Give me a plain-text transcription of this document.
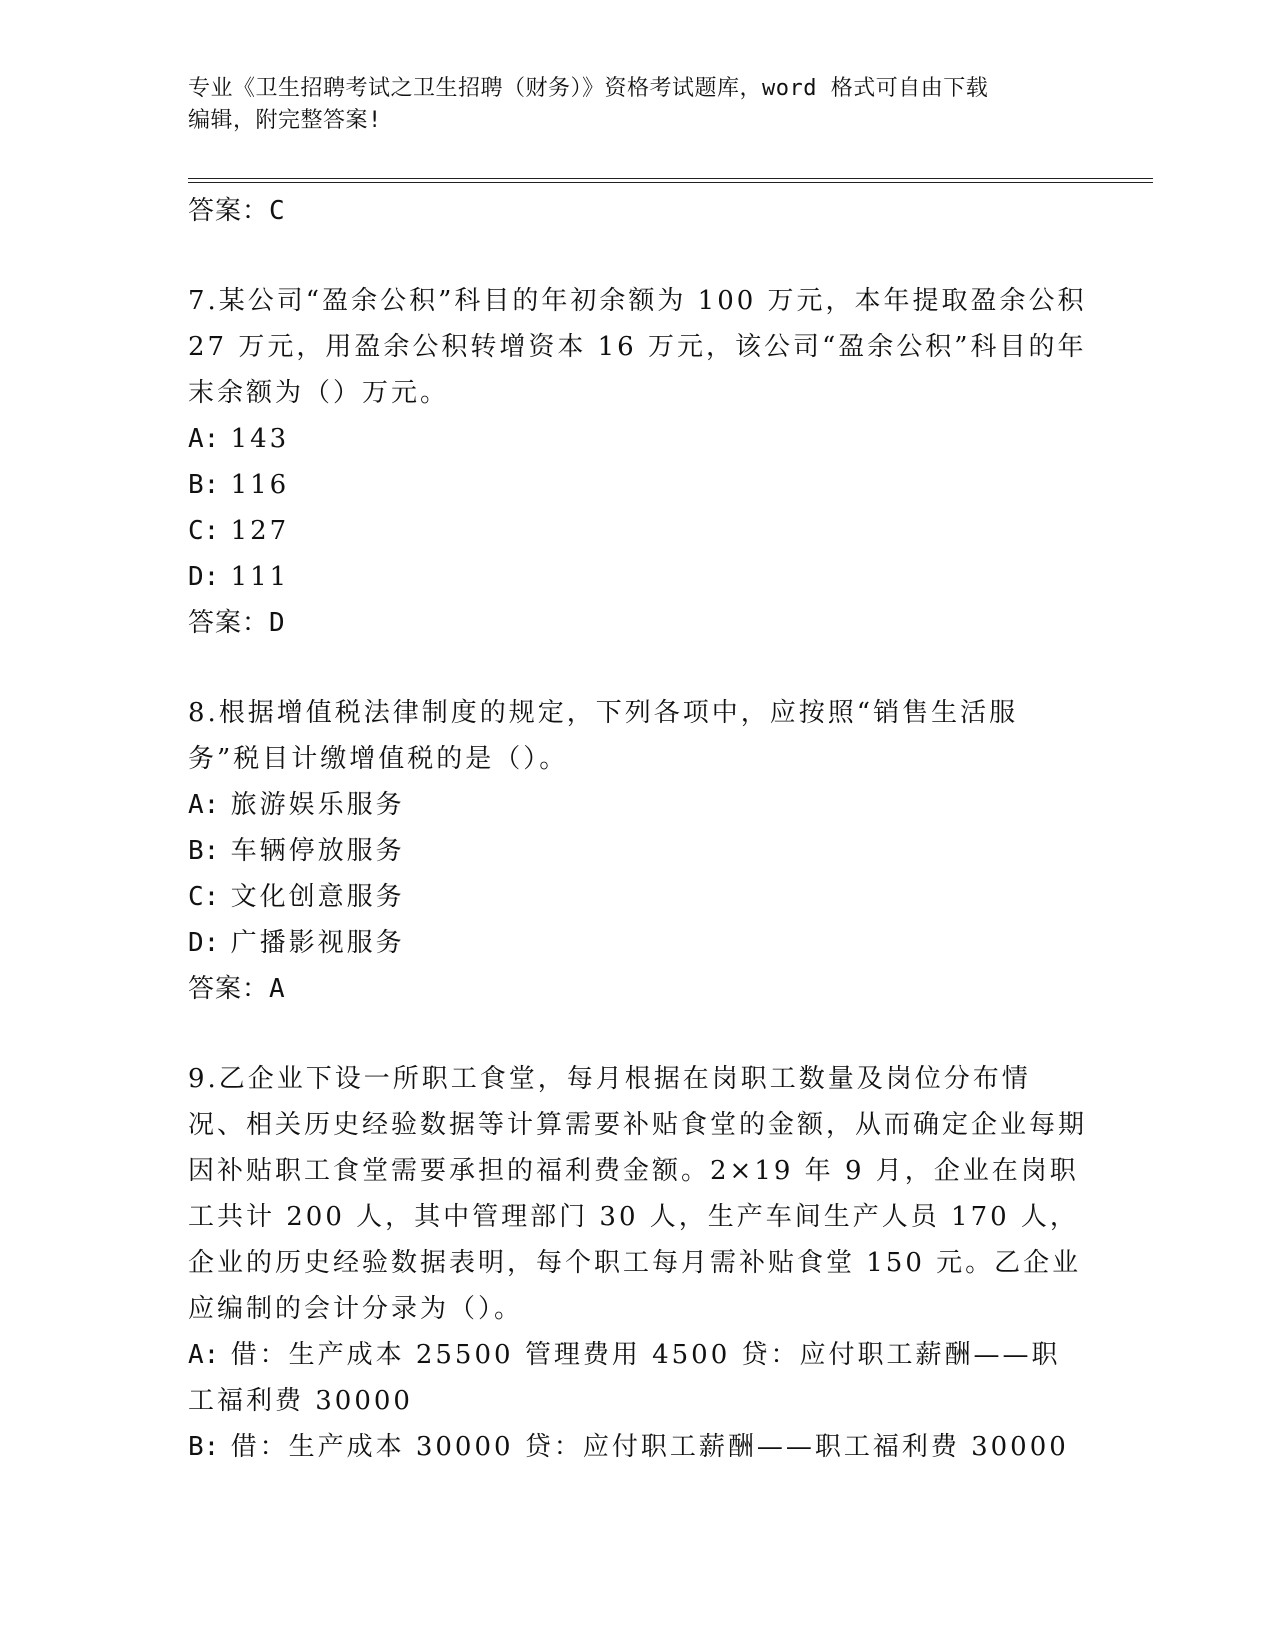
专业《卫生招聘考试之卫生招聘（财务）》资格考试题库，word 格式可自由下载
编辑，附完整答案!

答案：C

7.某公司“盈余公积”科目的年初余额为 100 万元，本年提取盈余公积 27 万元，用盈余公积转增资本 16 万元，该公司“盈余公积”科目的年末余额为（）万元。

A: 143

B: 116

C: 127

D: 111

答案：D

8.根据增值税法律制度的规定，下列各项中，应按照“销售生活服务”税目计缴增值税的是（）。

A: 旅游娱乐服务

B: 车辆停放服务

C: 文化创意服务

D: 广播影视服务

答案：A

9.乙企业下设一所职工食堂，每月根据在岗职工数量及岗位分布情况、相关历史经验数据等计算需要补贴食堂的金额，从而确定企业每期因补贴职工食堂需要承担的福利费金额。2×19 年 9 月，企业在岗职工共计 200 人，其中管理部门 30 人，生产车间生产人员 170 人，企业的历史经验数据表明，每个职工每月需补贴食堂 150 元。乙企业应编制的会计分录为（）。

A: 借：生产成本 25500 管理费用 4500 贷：应付职工薪酬——职工福利费 30000

B: 借：生产成本 30000 贷：应付职工薪酬——职工福利费 30000
